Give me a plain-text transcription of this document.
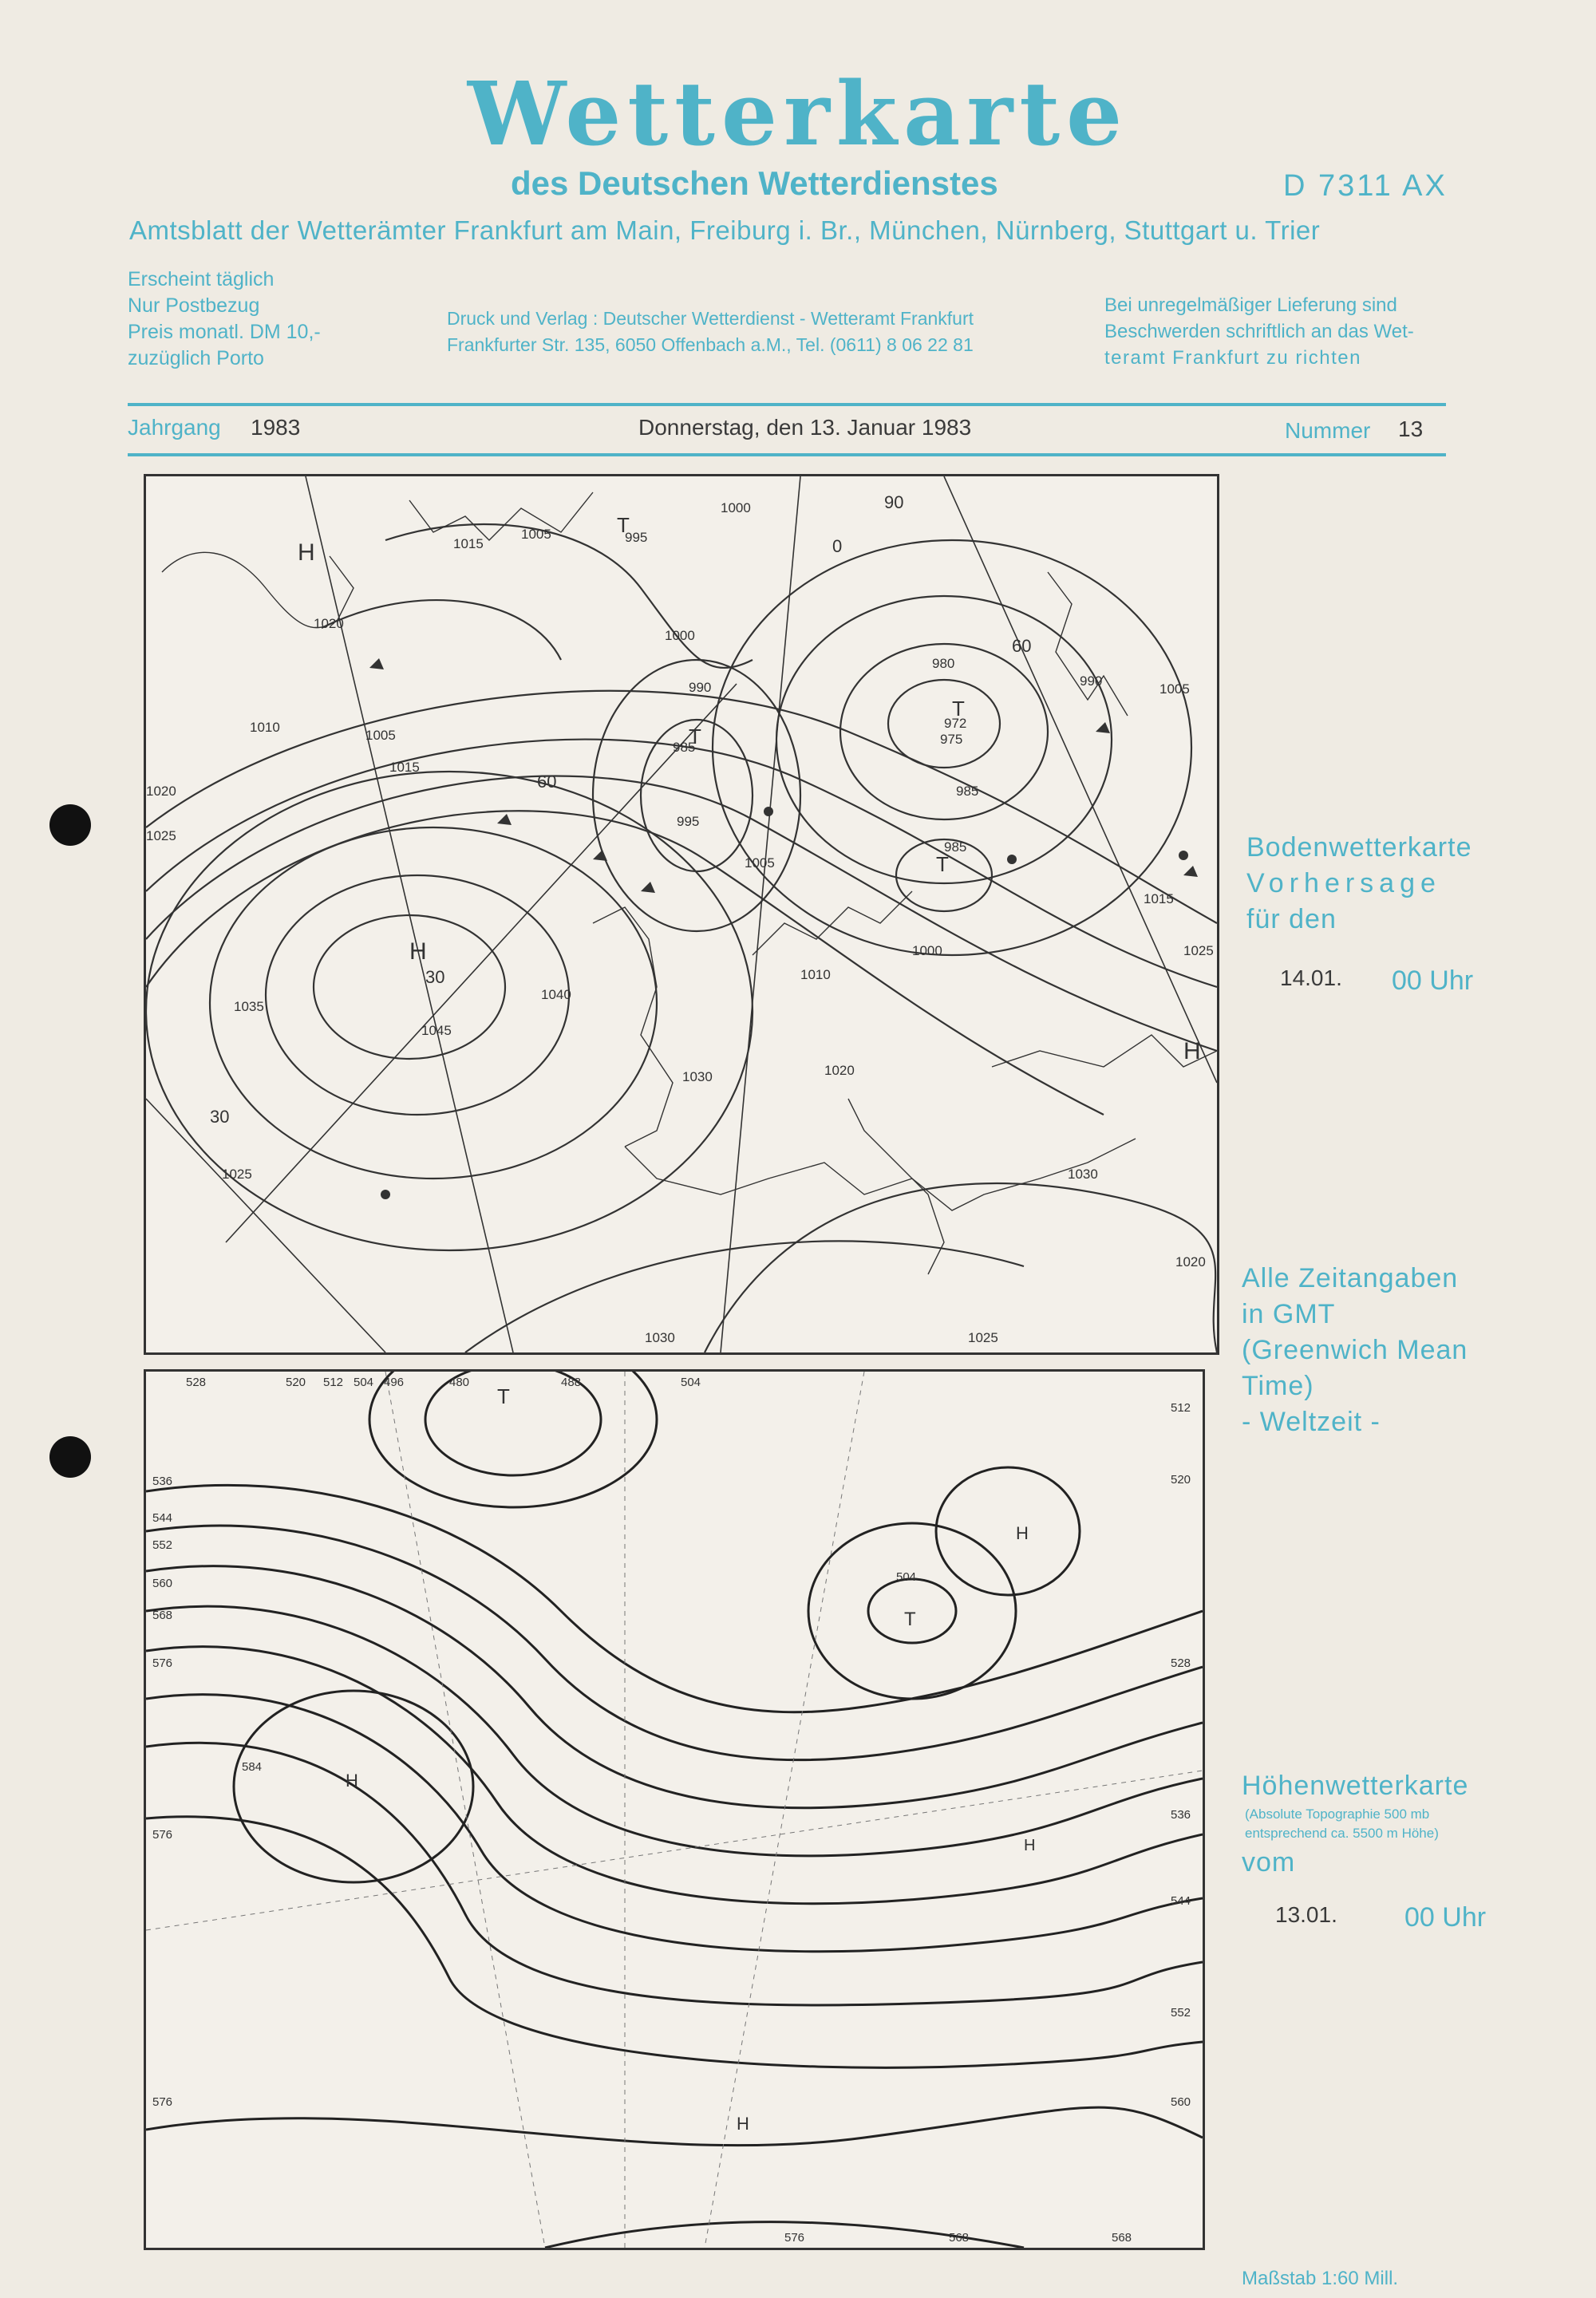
Wetterkarte
des Deutschen Wetterdienstes	D 7311 AX
Amtsblatt der Wetterämter Frankfurt am Main, Freiburg i. Br., München, Nürnberg, Stuttgart u. Trier
Erscheint täglich
Nur Postbezug
Preis monatl. DM 10,-
zuzüglich Porto
Druck und Verlag : Deutscher Wetterdienst - Wetteramt Frankfurt
Frankfurter Str. 135, 6050 Offenbach a.M., Tel. (0611) 8 06 22 81
Bei unregelmäßiger Lieferung sind
Beschwerden schriftlich an das Wet-
teramt Frankfurt zu richten
Jahrgang 1983	Donnerstag, den 13. Januar 1983	Nummer 13
1000
1005	995
1015
1020
1010
1005
1015
1020
1025
1000
990
985
995
1005
1010
980
972
975
985
990
1005
1015
1025
1035
1045
1040
1030	1020
1000
985
1030
1025
1020
1030	1025
90
60
30
0
30
60
H
H
H
T
T
T
T
528	520 512 504 496	480	488	504
512
536
544
552
560
568
576
584
576
576
504
520
528
536
544
552
560
576	568	568
T
T
H
H
H
H
Bodenwetterkarte
Vorhersage
für den
14.01. 00 Uhr
Alle Zeitangaben
in GMT
(Greenwich Mean
Time)
- Weltzeit -
Höhenwetterkarte
(Absolute Topographie 500 mb
entsprechend ca. 5500 m Höhe)
vom
13.01. 00 Uhr
Maßstab 1:60 Mill.
